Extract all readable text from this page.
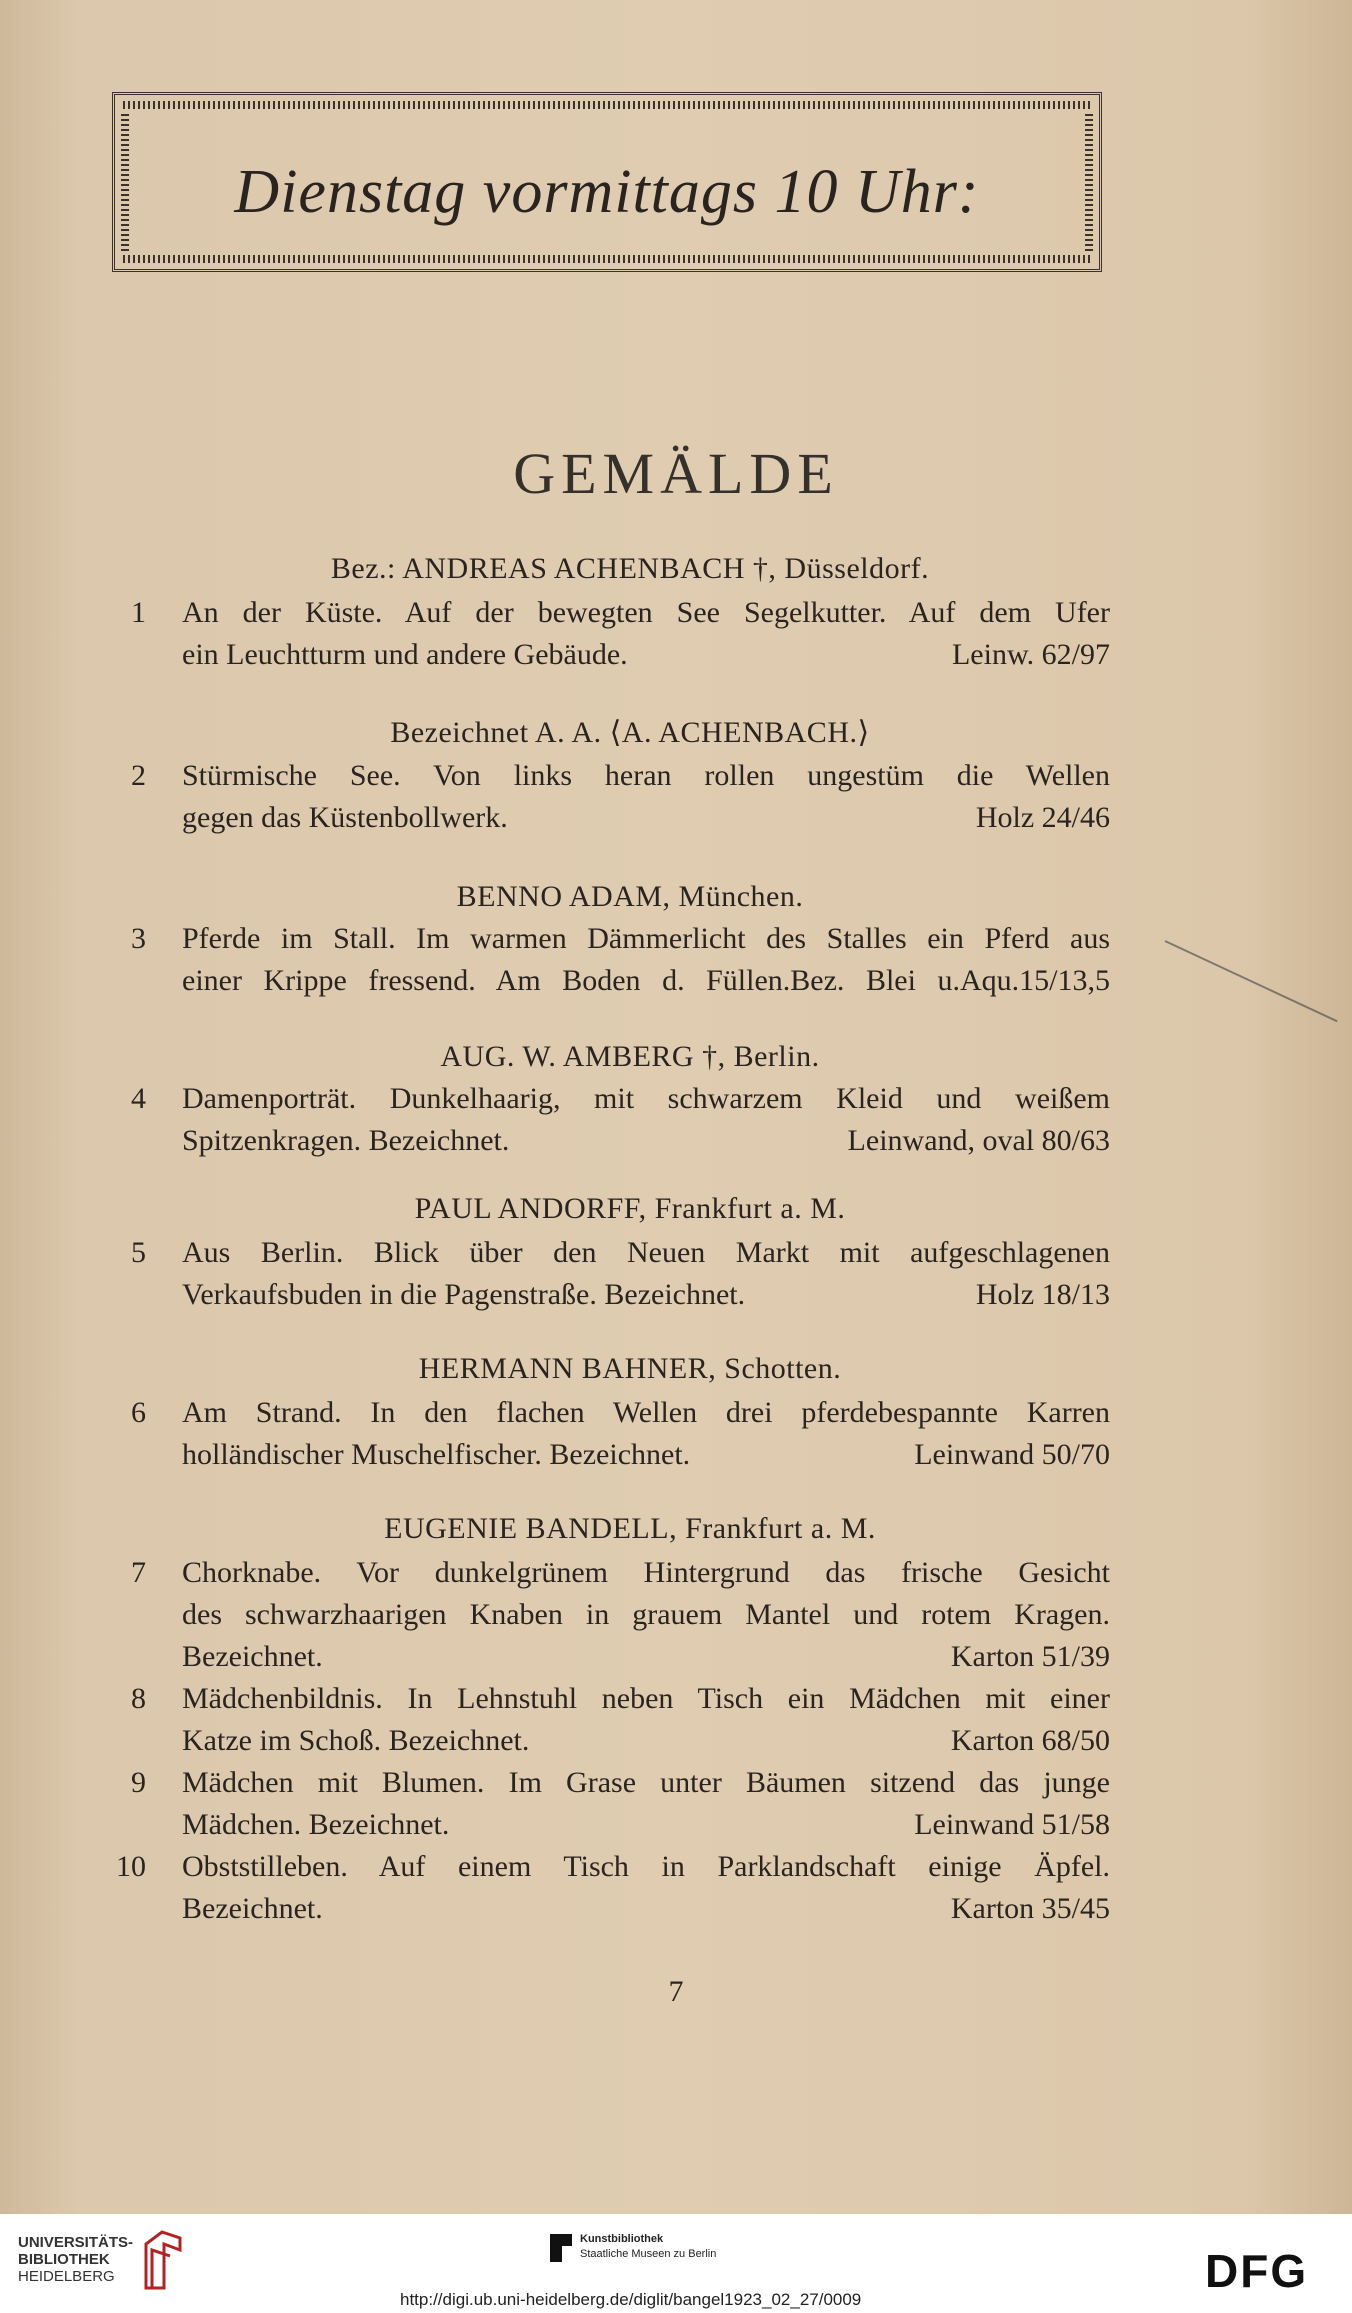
Dienstag vormittags 10 Uhr:
GEMÄLDE
Bez.: ANDREAS ACHENBACH †, Düsseldorf.
1 An der Küste. Auf der bewegten See Segelkutter. Auf dem Ufer
ein Leuchtturm und andere Gebäude.	Leinw. 62/97
Bezeichnet A. A. ⟨A. ACHENBACH.⟩
2 Stürmische See. Von links heran rollen ungestüm die Wellen
gegen das Küstenbollwerk.	Holz 24/46
BENNO ADAM, München.
3 Pferde im Stall. Im warmen Dämmerlicht des Stalles ein Pferd aus
einer Krippe fressend. Am Boden d. Füllen.Bez. Blei u.Aqu.15/13,5
AUG. W. AMBERG †, Berlin.
4 Damenporträt. Dunkelhaarig, mit schwarzem Kleid und weißem
Spitzenkragen. Bezeichnet.	Leinwand, oval 80/63
PAUL ANDORFF, Frankfurt a. M.
5 Aus Berlin. Blick über den Neuen Markt mit aufgeschlagenen
Verkaufsbuden in die Pagenstraße. Bezeichnet.	Holz 18/13
HERMANN BAHNER, Schotten.
6 Am Strand. In den flachen Wellen drei pferdebespannte Karren
holländischer Muschelfischer. Bezeichnet.	Leinwand 50/70
EUGENIE BANDELL, Frankfurt a. M.
7 Chorknabe. Vor dunkelgrünem Hintergrund das frische Gesicht
des schwarzhaarigen Knaben in grauem Mantel und rotem Kragen.
Bezeichnet.	Karton 51/39
8 Mädchenbildnis. In Lehnstuhl neben Tisch ein Mädchen mit einer
Katze im Schoß. Bezeichnet.	Karton 68/50
9 Mädchen mit Blumen. Im Grase unter Bäumen sitzend das junge
Mädchen. Bezeichnet.	Leinwand 51/58
10 Obststilleben. Auf einem Tisch in Parklandschaft einige Äpfel.
Bezeichnet.	Karton 35/45
7
UNIVERSITÄTS-
BIBLIOTHEK
HEIDELBERG
Kunstbibliothek
Staatliche Museen zu Berlin	DFG
http://digi.ub.uni-heidelberg.de/diglit/bangel1923_02_27/0009
